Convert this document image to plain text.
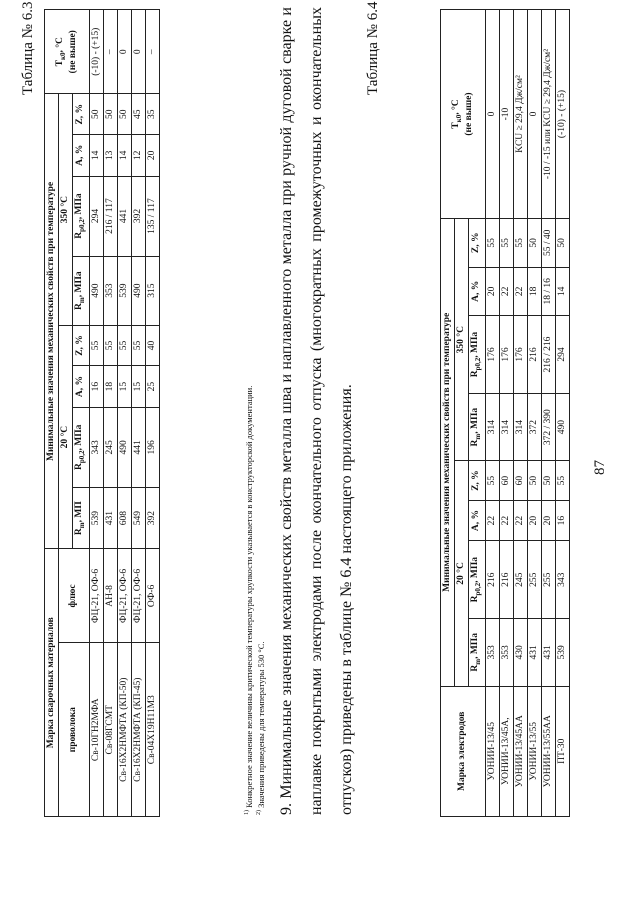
87
Таблица № 6.3
Марка сварочных материалов		Минимальные значения механических свойств при температуре								$T_{к0}$, °С (не выше)
проволока	флюс	20 °С				350 °С				
		$R_m$, МП	$R_{p0,2}$, МПа	A, %	Z, %	$R_m$, МПа	$R_{p0,2}$, МПа	A, %	Z, %	
Св-10ГН2МФА	ФЦ-21, ОФ-6	539	343	16	55	490	294	14	50	(-10) - (+15)
Св-08ГСМТ	АН-8	431	245	18	55	353	216 / 117	13	50	–
Св-16Х2НМФТА (КП-50)	ФЦ-21, ОФ-6	608	490	15	55	539	441	14	50	0
Св-16Х2НМФТА (КП-45)	ФЦ-21, ОФ-6	549	441	15	55	490	392	12	45	0
Св-04Х19Н11М3	ОФ-6	392	196	25	40	315	135 / 117	20	35	–
$^{1)}$ Конкретное значение величины критической температуры хрупкости указывается в конструкторской документации.
$^{2)}$ Значения приведены для температуры 530 °С. 9. Минимальные значения механических свойств металла шва и наплавленного металла при ручной дуговой сварке и наплавке покрытыми электродами после окончательного отпуска (многократных промежуточных и окончательных отпусков) приведены в таблице № 6.4 настоящего приложения.
Таблица № 6.4
Марка электродов	Минимальные значения механических свойств при температуре								$T_{к0}$, °С (не выше)
	20 °С				350 °С				
	$R_m$, МПа	$R_{p0,2}$, МПа	A, %	Z, %	$R_m$, МПа	$R_{p0,2}$, МПа	A, %	Z, %	
УОНИИ-13/45	353	216	22	55	314	176	20	55	0
УОНИИ-13/45А,	353	216	22	60	314	176	22	55	-10
УОНИИ-13/45АА	430	245	22	60	314	176	22	55	KCU ≥ 29,4 Дж/см²
УОНИИ-13/55	431	255	20	50	372	216	18	50	0
УОНИИ-13/55АА	431	255	20	50	372 / 390	216 / 216	18 / 16	55 / 40	-10 / -15 или KCU ≥ 29,4 Дж/см²
ПТ-30	539	343	16	55	490	294	14	50	(-10) - (+15)
